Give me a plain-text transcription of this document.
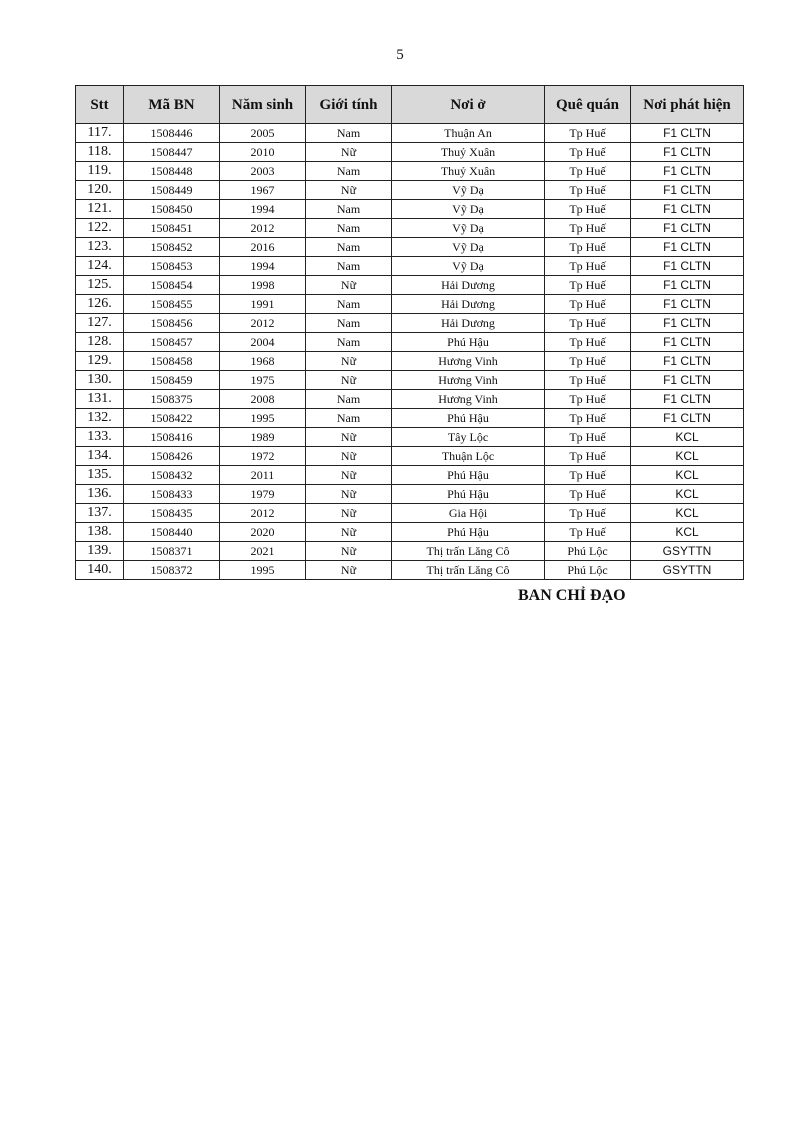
5
Stt	Mã BN	Năm sinh	Giới tính	Nơi ở	Quê quán	Nơi phát hiện
117.	1508446	2005	Nam	Thuận An	Tp Huế	F1 CLTN
118.	1508447	2010	Nữ	Thuỷ Xuân	Tp Huế	F1 CLTN
119.	1508448	2003	Nam	Thuỷ Xuân	Tp Huế	F1 CLTN
120.	1508449	1967	Nữ	Vỹ Dạ	Tp Huế	F1 CLTN
121.	1508450	1994	Nam	Vỹ Dạ	Tp Huế	F1 CLTN
122.	1508451	2012	Nam	Vỹ Dạ	Tp Huế	F1 CLTN
123.	1508452	2016	Nam	Vỹ Dạ	Tp Huế	F1 CLTN
124.	1508453	1994	Nam	Vỹ Dạ	Tp Huế	F1 CLTN
125.	1508454	1998	Nữ	Hải Dương	Tp Huế	F1 CLTN
126.	1508455	1991	Nam	Hải Dương	Tp Huế	F1 CLTN
127.	1508456	2012	Nam	Hải Dương	Tp Huế	F1 CLTN
128.	1508457	2004	Nam	Phú Hậu	Tp Huế	F1 CLTN
129.	1508458	1968	Nữ	Hương Vinh	Tp Huế	F1 CLTN
130.	1508459	1975	Nữ	Hương Vinh	Tp Huế	F1 CLTN
131.	1508375	2008	Nam	Hương Vinh	Tp Huế	F1 CLTN
132.	1508422	1995	Nam	Phú Hậu	Tp Huế	F1 CLTN
133.	1508416	1989	Nữ	Tây Lộc	Tp Huế	KCL
134.	1508426	1972	Nữ	Thuận Lộc	Tp Huế	KCL
135.	1508432	2011	Nữ	Phú Hậu	Tp Huế	KCL
136.	1508433	1979	Nữ	Phú Hậu	Tp Huế	KCL
137.	1508435	2012	Nữ	Gia Hội	Tp Huế	KCL
138.	1508440	2020	Nữ	Phú Hậu	Tp Huế	KCL
139.	1508371	2021	Nữ	Thị trấn Lăng Cô	Phú Lộc	GSYTTN
140.	1508372	1995	Nữ	Thị trấn Lăng Cô	Phú Lộc	GSYTTN
BAN CHỈ ĐẠO
